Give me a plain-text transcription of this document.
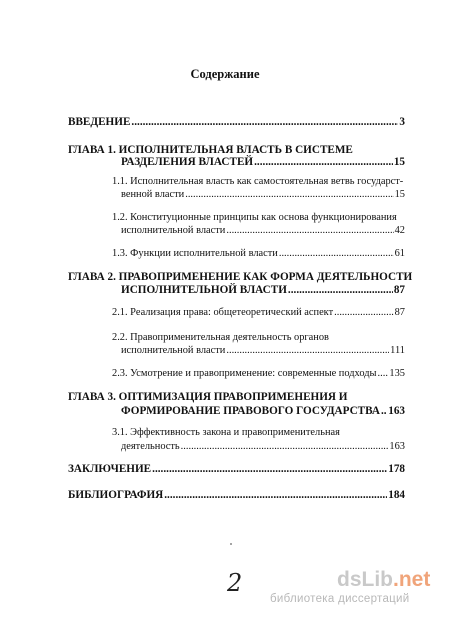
Содержание
ВВЕДЕНИЕ .....	3
ГЛАВА 1. ИСПОЛНИТЕЛЬНАЯ ВЛАСТЬ В СИСТЕМЕ
РАЗДЕЛЕНИЯ ВЛАСТЕЙ .....	15
1.1. Исполнительная власть как самостоятельная ветвь государст-
венной власти .....	15
1.2. Конституционные принципы как основа функционирования
исполнительной власти .....	42
1.3. Функции исполнительной власти .....	61
ГЛАВА 2. ПРАВОПРИМЕНЕНИЕ КАК ФОРМА ДЕЯТЕЛЬНОСТИ
ИСПОЛНИТЕЛЬНОЙ ВЛАСТИ .....	87
2.1. Реализация права: общетеоретический аспект .....	87
2.2. Правоприменительная деятельность органов
исполнительной власти .....	111
2.3. Усмотрение и правоприменение: современные подходы ..... 135
ГЛАВА 3. ОПТИМИЗАЦИЯ ПРАВОПРИМЕНЕНИЯ И
ФОРМИРОВАНИЕ ПРАВОВОГО ГОСУДАРСТВА ..... 163
3.1. Эффективность закона и правоприменительная
деятельность .....	163
ЗАКЛЮЧЕНИЕ .....	178
БИБЛИОГРАФИЯ .....	184
2	dsLib.net
библиотека диссертаций
